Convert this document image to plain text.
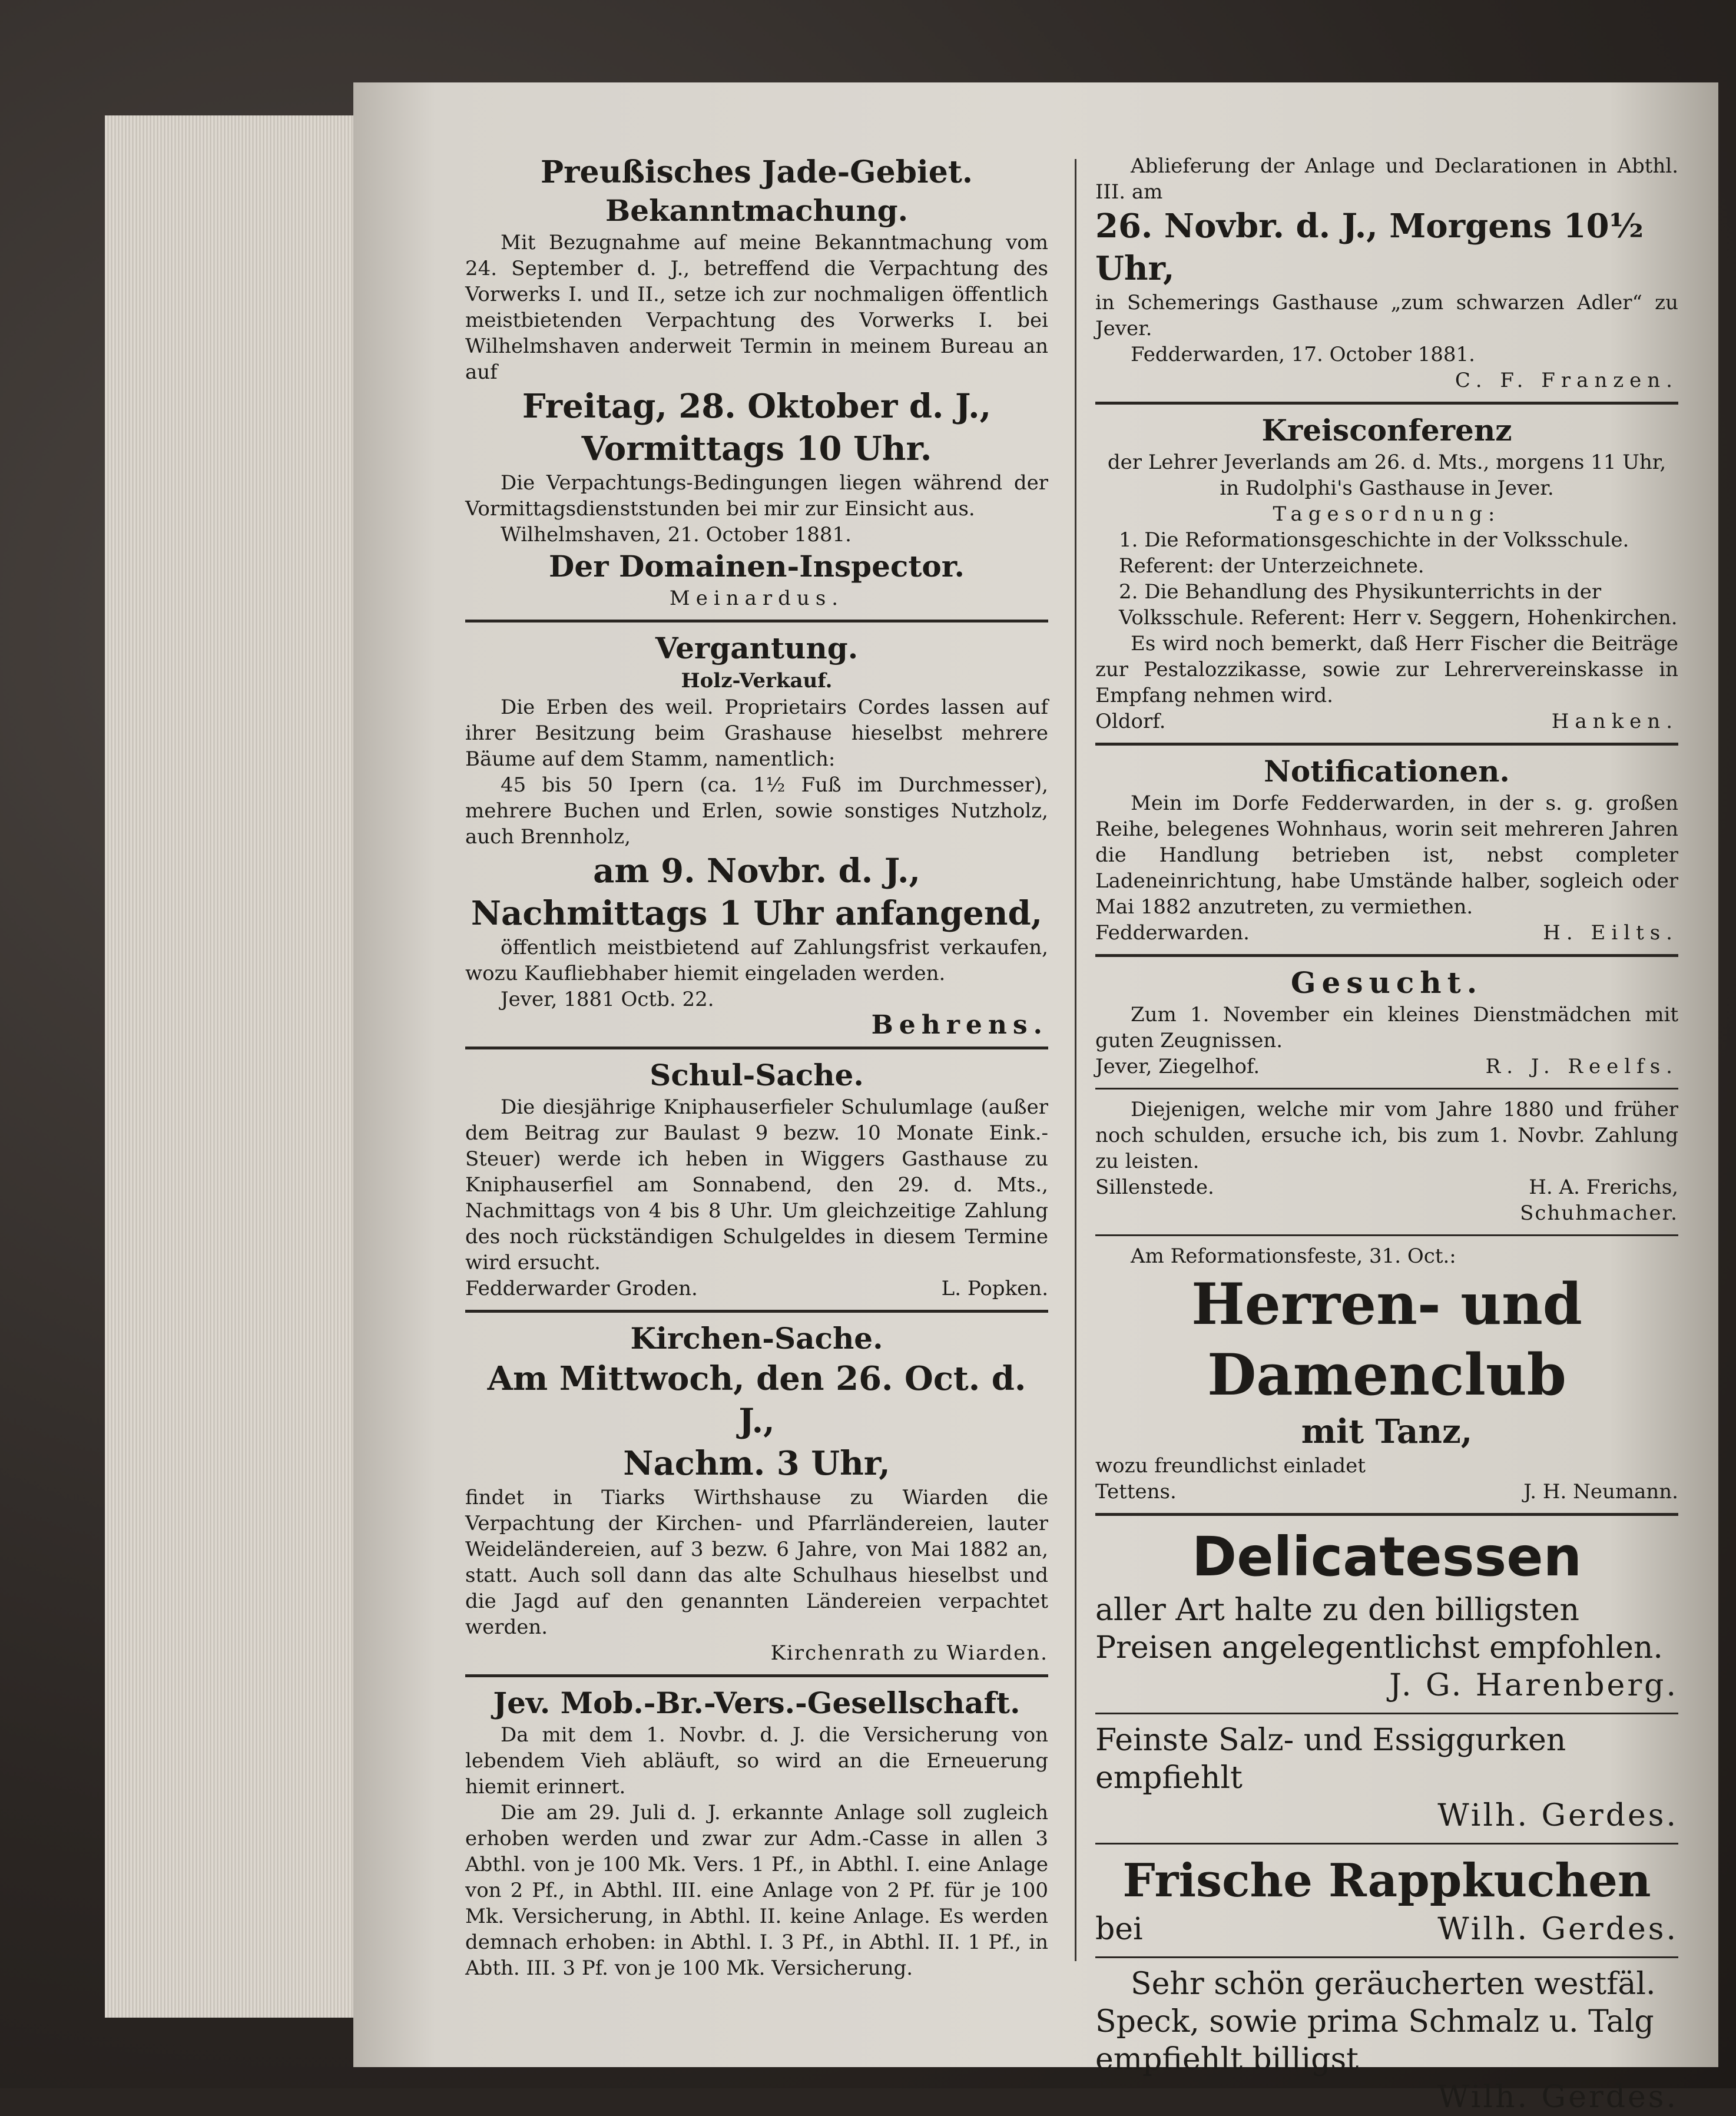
Preußisches Jade-Gebiet.

Bekanntmachung.

Mit Bezugnahme auf meine Bekanntmachung vom 24. September d. J., betreffend die Verpachtung des Vorwerks I. und II., setze ich zur nochmaligen öffentlich meistbietenden Verpachtung des Vorwerks I. bei Wilhelmshaven anderweit Termin in meinem Bureau an auf

Freitag, 28. Oktober d. J.,

Vormittags 10 Uhr.

Die Verpachtungs-Bedingungen liegen während der Vormittagsdienststunden bei mir zur Einsicht aus.

Wilhelmshaven, 21. October 1881.

Der Domainen-Inspector.

Meinardus.

Vergantung.

Holz-Verkauf.

Die Erben des weil. Proprietairs Cordes lassen auf ihrer Besitzung beim Grashause hieselbst mehrere Bäume auf dem Stamm, namentlich:

45 bis 50 Ipern (ca. 1½ Fuß im Durchmesser), mehrere Buchen und Erlen, sowie sonstiges Nutzholz, auch Brennholz,

am 9. Novbr. d. J.,

Nachmittags 1 Uhr anfangend,

öffentlich meistbietend auf Zahlungsfrist verkaufen, wozu Kaufliebhaber hiemit eingeladen werden.

Jever, 1881 Octb. 22.

Behrens.

Schul-Sache.

Die diesjährige Kniphauserfieler Schulumlage (außer dem Beitrag zur Baulast 9 bezw. 10 Monate Eink.-Steuer) werde ich heben in Wiggers Gasthause zu Kniphauserfiel am Sonnabend, den 29. d. Mts., Nachmittags von 4 bis 8 Uhr. Um gleichzeitige Zahlung des noch rückständigen Schulgeldes in diesem Termine wird ersucht.

Fedderwarder Groden.	L. Popken.

Kirchen-Sache.

Am Mittwoch, den 26. Oct. d. J.,

Nachm. 3 Uhr,

findet in Tiarks Wirthshause zu Wiarden die Verpachtung der Kirchen- und Pfarrländereien, lauter Weideländereien, auf 3 bezw. 6 Jahre, von Mai 1882 an, statt. Auch soll dann das alte Schulhaus hieselbst und die Jagd auf den genannten Ländereien verpachtet werden.

Kirchenrath zu Wiarden.

Jev. Mob.-Br.-Vers.-Gesellschaft.

Da mit dem 1. Novbr. d. J. die Versicherung von lebendem Vieh abläuft, so wird an die Erneuerung hiemit erinnert.

Die am 29. Juli d. J. erkannte Anlage soll zugleich erhoben werden und zwar zur Adm.-Casse in allen 3 Abthl. von je 100 Mk. Vers. 1 Pf., in Abthl. I. eine Anlage von 2 Pf., in Abthl. III. eine Anlage von 2 Pf. für je 100 Mk. Versicherung, in Abthl. II. keine Anlage. Es werden demnach erhoben: in Abthl. I. 3 Pf., in Abthl. II. 1 Pf., in Abth. III. 3 Pf. von je 100 Mk. Versicherung.

Ablieferung der Anlage und Declarationen in Abthl. III. am

26. Novbr. d. J., Morgens 10½ Uhr,

in Schemerings Gasthause „zum schwarzen Adler“ zu Jever.

Fedderwarden, 17. October 1881.

C. F. Franzen.

Kreisconferenz

der Lehrer Jeverlands am 26. d. Mts., morgens 11 Uhr, in Rudolphi's Gasthause in Jever.

Tagesordnung:

1. Die Reformationsgeschichte in der Volksschule. Referent: der Unterzeichnete.

2. Die Behandlung des Physikunterrichts in der Volksschule. Referent: Herr v. Seggern, Hohenkirchen.

Es wird noch bemerkt, daß Herr Fischer die Beiträge zur Pestalozzikasse, sowie zur Lehrervereinskasse in Empfang nehmen wird.

Oldorf.	Hanken.

Notificationen.

Mein im Dorfe Fedderwarden, in der s. g. großen Reihe, belegenes Wohnhaus, worin seit mehreren Jahren die Handlung betrieben ist, nebst completer Ladeneinrichtung, habe Umstände halber, sogleich oder Mai 1882 anzutreten, zu vermiethen.

Fedderwarden.	H. Eilts.

Gesucht.

Zum 1. November ein kleines Dienstmädchen mit guten Zeugnissen.

Jever, Ziegelhof.	R. J. Reelfs.

Diejenigen, welche mir vom Jahre 1880 und früher noch schulden, ersuche ich, bis zum 1. Novbr. Zahlung zu leisten.

Sillenstede.	H. A. Frerichs,

Schuhmacher.

Am Reformationsfeste, 31. Oct.:

Herren- und Damenclub

mit Tanz,

wozu freundlichst einladet

Tettens.	J. H. Neumann.

Delicatessen

aller Art halte zu den billigsten Preisen angelegentlichst empfohlen.

J. G. Harenberg.

Feinste Salz- und Essiggurken empfiehlt

Wilh. Gerdes.

Frische Rappkuchen

bei	Wilh. Gerdes.

Sehr schön geräucherten westfäl. Speck, sowie prima Schmalz u. Talg empfiehlt billigst

Wilh. Gerdes.
